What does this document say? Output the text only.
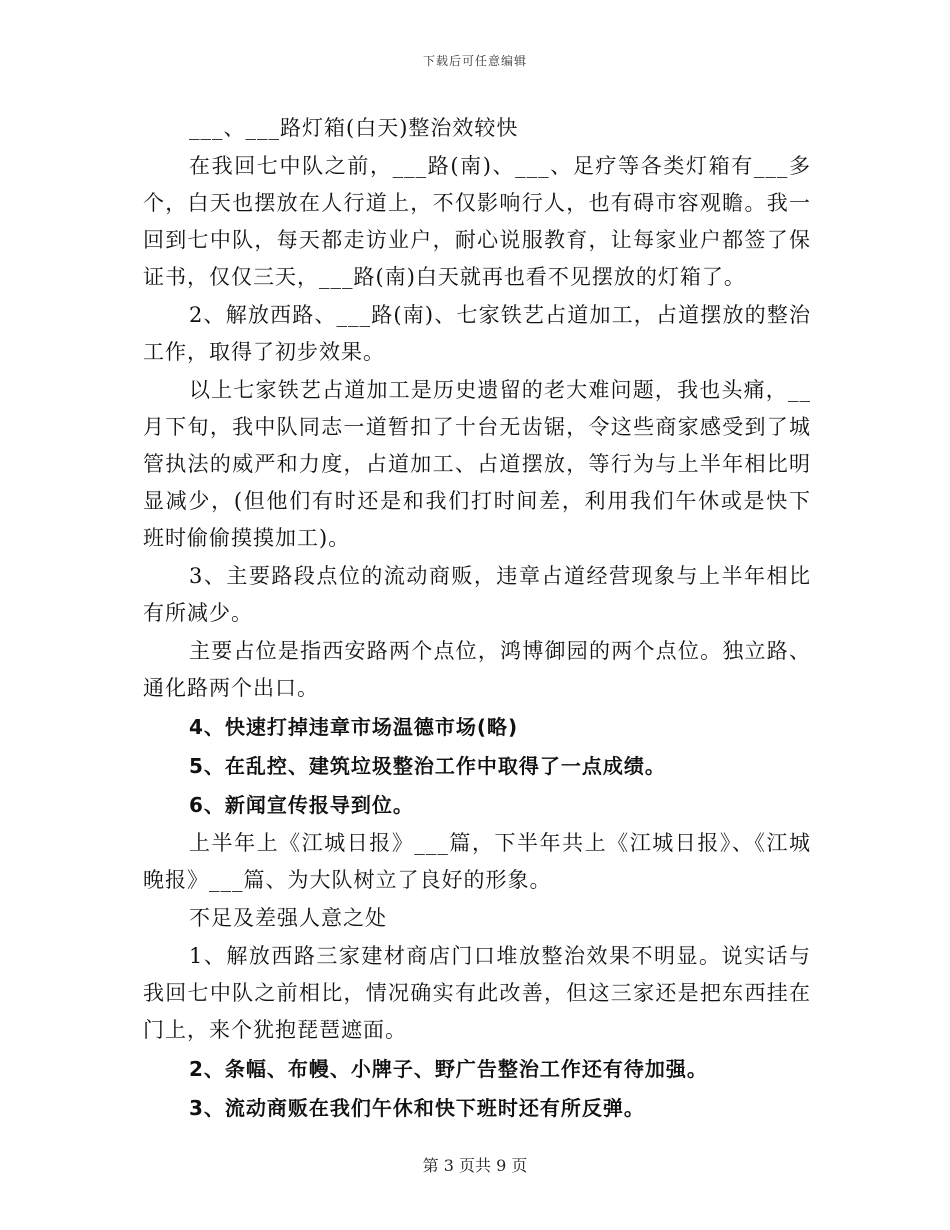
下载后可任意编辑

___、___路灯箱(白天)整治效较快

在我回七中队之前，___路(南)、___、足疗等各类灯箱有___多个，白天也摆放在人行道上，不仅影响行人，也有碍市容观瞻。我一回到七中队，每天都走访业户，耐心说服教育，让每家业户都签了保证书，仅仅三天，___路(南)白天就再也看不见摆放的灯箱了。

2、解放西路、___路(南)、七家铁艺占道加工，占道摆放的整治工作，取得了初步效果。

以上七家铁艺占道加工是历史遗留的老大难问题，我也头痛，__月下旬，我中队同志一道暂扣了十台无齿锯，令这些商家感受到了城管执法的威严和力度，占道加工、占道摆放，等行为与上半年相比明显减少，(但他们有时还是和我们打时间差，利用我们午休或是快下班时偷偷摸摸加工)。

3、主要路段点位的流动商贩，违章占道经营现象与上半年相比有所减少。

主要占位是指西安路两个点位，鸿博御园的两个点位。独立路、通化路两个出口。

4、快速打掉违章市场温德市场(略)

5、在乱控、建筑垃圾整治工作中取得了一点成绩。

6、新闻宣传报导到位。

上半年上《江城日报》___篇，下半年共上《江城日报》、《江城晚报》___篇、为大队树立了良好的形象。

不足及差强人意之处

1、解放西路三家建材商店门口堆放整治效果不明显。说实话与我回七中队之前相比，情况确实有此改善，但这三家还是把东西挂在门上，来个犹抱琵琶遮面。

2、条幅、布幔、小牌子、野广告整治工作还有待加强。

3、流动商贩在我们午休和快下班时还有所反弹。

第 3 页共 9 页
